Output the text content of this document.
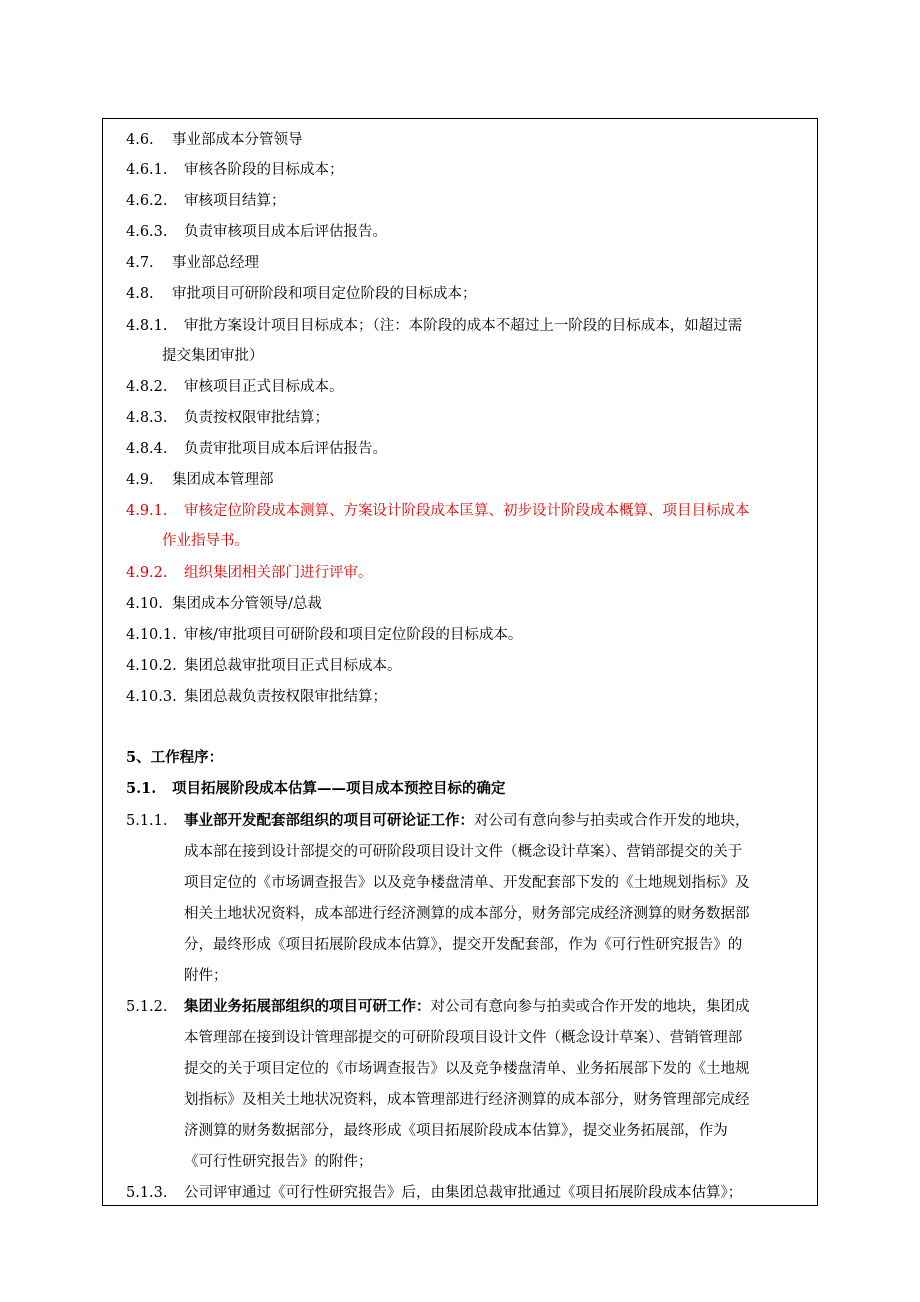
4.6. 事业部成本分管领导
4.6.1. 审核各阶段的目标成本；
4.6.2. 审核项目结算；
4.6.3. 负责审核项目成本后评估报告。
4.7. 事业部总经理
4.8. 审批项目可研阶段和项目定位阶段的目标成本；
4.8.1. 审批方案设计项目目标成本；（注：本阶段的成本不超过上一阶段的目标成本，如超过需
提交集团审批）
4.8.2. 审核项目正式目标成本。
4.8.3. 负责按权限审批结算；
4.8.4. 负责审批项目成本后评估报告。
4.9. 集团成本管理部
4.9.1. 审核定位阶段成本测算、方案设计阶段成本匡算、初步设计阶段成本概算、项目目标成本
作业指导书。
4.9.2. 组织集团相关部门进行评审。
4.10. 集团成本分管领导/总裁
4.10.1. 审核/审批项目可研阶段和项目定位阶段的目标成本。
4.10.2. 集团总裁审批项目正式目标成本。
4.10.3. 集团总裁负责按权限审批结算；
5、工作程序：
5.1. 项目拓展阶段成本估算——项目成本预控目标的确定
5.1.1. 事业部开发配套部组织的项目可研论证工作：对公司有意向参与拍卖或合作开发的地块，
成本部在接到设计部提交的可研阶段项目设计文件（概念设计草案）、营销部提交的关于
项目定位的《市场调查报告》以及竞争楼盘清单、开发配套部下发的《土地规划指标》及
相关土地状况资料，成本部进行经济测算的成本部分，财务部完成经济测算的财务数据部
分，最终形成《项目拓展阶段成本估算》，提交开发配套部，作为《可行性研究报告》的
附件；
5.1.2. 集团业务拓展部组织的项目可研工作：对公司有意向参与拍卖或合作开发的地块，集团成
本管理部在接到设计管理部提交的可研阶段项目设计文件（概念设计草案）、营销管理部
提交的关于项目定位的《市场调查报告》以及竞争楼盘清单、业务拓展部下发的《土地规
划指标》及相关土地状况资料，成本管理部进行经济测算的成本部分，财务管理部完成经
济测算的财务数据部分，最终形成《项目拓展阶段成本估算》，提交业务拓展部，作为
《可行性研究报告》的附件；
5.1.3. 公司评审通过《可行性研究报告》后，由集团总裁审批通过《项目拓展阶段成本估算》；
